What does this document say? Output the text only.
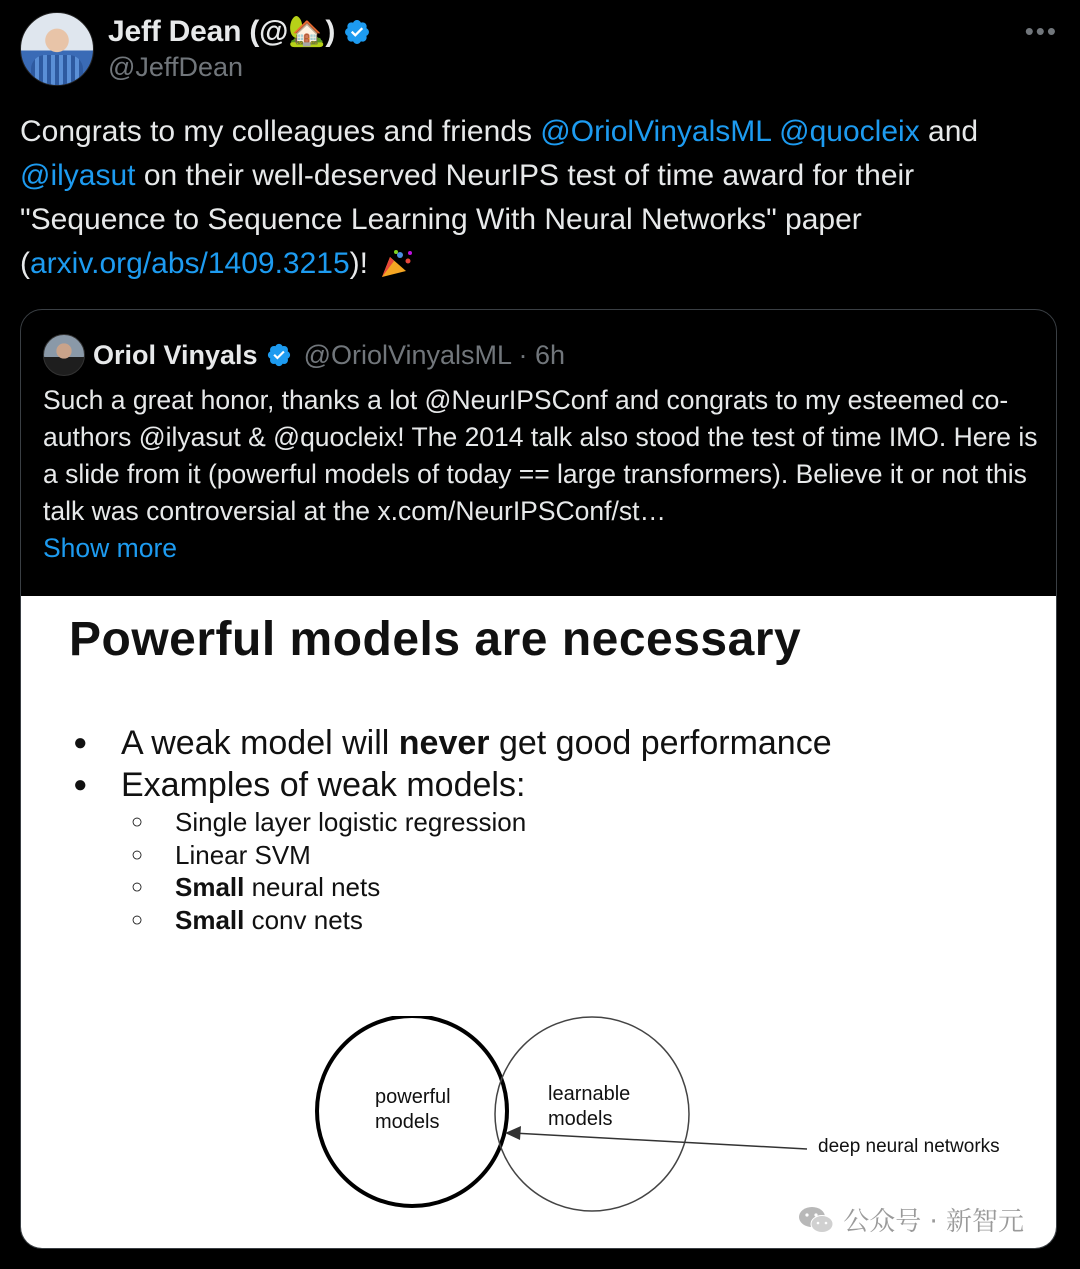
Jeff Dean (@🏡)
@JeffDean
•••
Congrats to my colleagues and friends @OriolVinyalsML @quocleix and @ilyasut on their well-deserved NeurIPS test of time award for their "Sequence to Sequence Learning With Neural Networks" paper (arxiv.org/abs/1409.3215)!
Oriol Vinyals @OriolVinyalsML · 6h
Such a great honor, thanks a lot @NeurIPSConf and congrats to my esteemed co-authors @ilyasut & @quocleix! The 2014 talk also stood the test of time IMO. Here is a slide from it (powerful models of today == large transformers). Believe it or not this talk was controversial at the x.com/NeurIPSConf/st…
Show more
Powerful models are necessary
● A weak model will never get good performance
● Examples of weak models:
○ Single layer logistic regression
○ Linear SVM
○ Small neural nets
○ Small conv nets
powerful
models
learnable
models
deep neural networks
公众号 · 新智元
